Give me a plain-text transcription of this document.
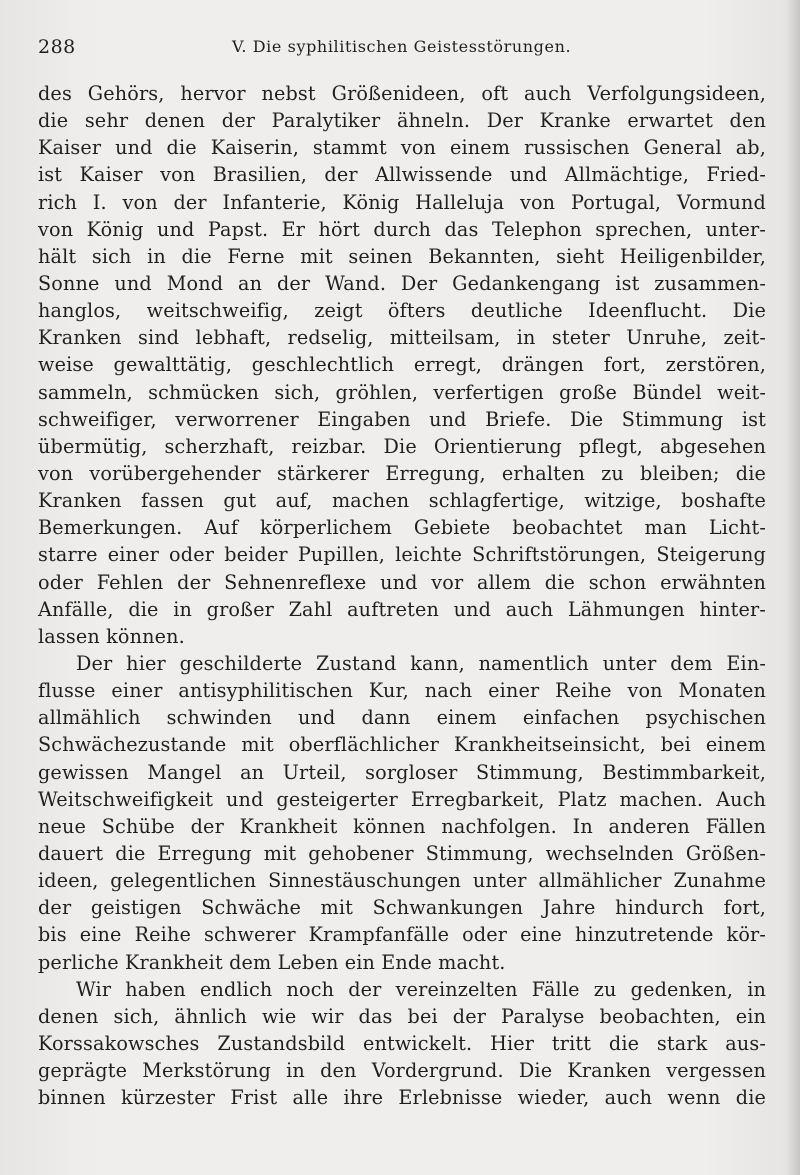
288	V. Die syphilitischen Geistesstörungen.
des Gehörs, hervor nebst Größenideen, oft auch Verfolgungsideen,
die sehr denen der Paralytiker ähneln. Der Kranke erwartet den
Kaiser und die Kaiserin, stammt von einem russischen General ab,
ist Kaiser von Brasilien, der Allwissende und Allmächtige, Fried-
rich I. von der Infanterie, König Halleluja von Portugal, Vormund
von König und Papst. Er hört durch das Telephon sprechen, unter-
hält sich in die Ferne mit seinen Bekannten, sieht Heiligenbilder,
Sonne und Mond an der Wand. Der Gedankengang ist zusammen-
hanglos, weitschweifig, zeigt öfters deutliche Ideenflucht. Die
Kranken sind lebhaft, redselig, mitteilsam, in steter Unruhe, zeit-
weise gewalttätig, geschlechtlich erregt, drängen fort, zerstören,
sammeln, schmücken sich, gröhlen, verfertigen große Bündel weit-
schweifiger, verworrener Eingaben und Briefe. Die Stimmung ist
übermütig, scherzhaft, reizbar. Die Orientierung pflegt, abgesehen
von vorübergehender stärkerer Erregung, erhalten zu bleiben; die
Kranken fassen gut auf, machen schlagfertige, witzige, boshafte
Bemerkungen. Auf körperlichem Gebiete beobachtet man Licht-
starre einer oder beider Pupillen, leichte Schriftstörungen, Steigerung
oder Fehlen der Sehnenreflexe und vor allem die schon erwähnten
Anfälle, die in großer Zahl auftreten und auch Lähmungen hinter-
lassen können.
Der hier geschilderte Zustand kann, namentlich unter dem Ein-
flusse einer antisyphilitischen Kur, nach einer Reihe von Monaten
allmählich schwinden und dann einem einfachen psychischen
Schwächezustande mit oberflächlicher Krankheitseinsicht, bei einem
gewissen Mangel an Urteil, sorgloser Stimmung, Bestimmbarkeit,
Weitschweifigkeit und gesteigerter Erregbarkeit, Platz machen. Auch
neue Schübe der Krankheit können nachfolgen. In anderen Fällen
dauert die Erregung mit gehobener Stimmung, wechselnden Größen-
ideen, gelegentlichen Sinnestäuschungen unter allmählicher Zunahme
der geistigen Schwäche mit Schwankungen Jahre hindurch fort,
bis eine Reihe schwerer Krampfanfälle oder eine hinzutretende kör-
perliche Krankheit dem Leben ein Ende macht.
Wir haben endlich noch der vereinzelten Fälle zu gedenken, in
denen sich, ähnlich wie wir das bei der Paralyse beobachten, ein
Korssakowsches Zustandsbild entwickelt. Hier tritt die stark aus-
geprägte Merkstörung in den Vordergrund. Die Kranken vergessen
binnen kürzester Frist alle ihre Erlebnisse wieder, auch wenn die
